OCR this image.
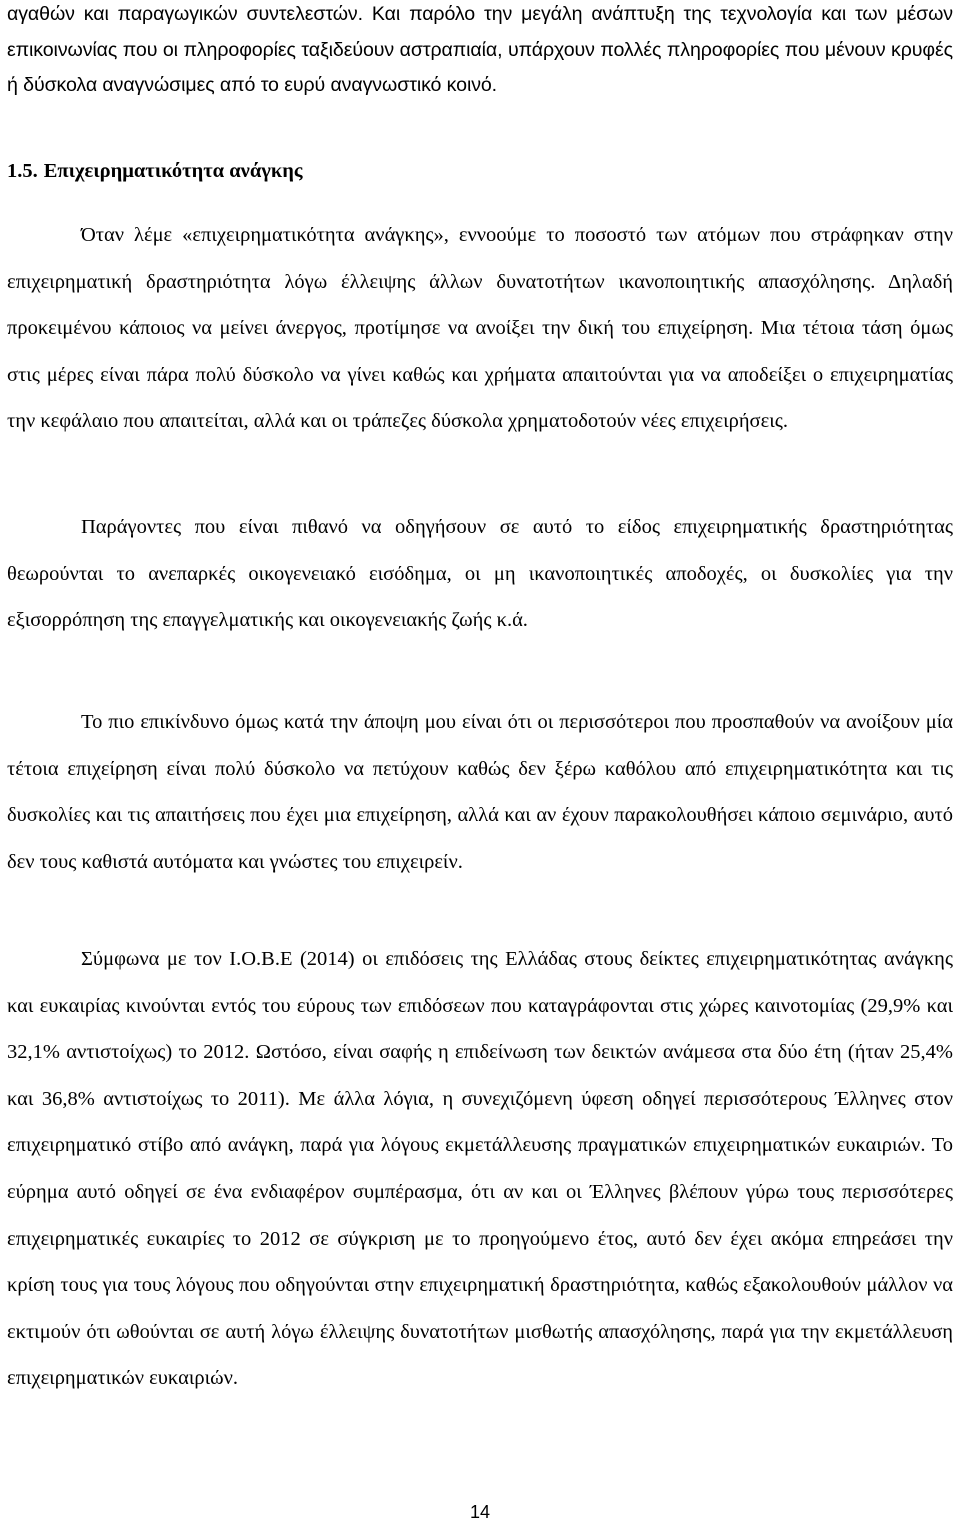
αγαθών και παραγωγικών συντελεστών. Και παρόλο την μεγάλη ανάπτυξη της τεχνολογία και των μέσων επικοινωνίας που οι πληροφορίες ταξιδεύουν αστραπιαία, υπάρχουν πολλές πληροφορίες που μένουν κρυφές ή δύσκολα αναγνώσιμες από το ευρύ αναγνωστικό κοινό.

1.5. Επιχειρηματικότητα ανάγκης

Όταν λέμε «επιχειρηματικότητα ανάγκης», εννοούμε το ποσοστό των ατόμων που στράφηκαν στην επιχειρηματική δραστηριότητα λόγω έλλειψης άλλων δυνατοτήτων ικανοποιητικής απασχόλησης. Δηλαδή προκειμένου κάποιος να μείνει άνεργος, προτίμησε να ανοίξει την δική του επιχείρηση. Μια τέτοια τάση όμως στις μέρες είναι πάρα πολύ δύσκολο να γίνει καθώς και χρήματα απαιτούνται για να αποδείξει ο επιχειρηματίας την κεφάλαιο που απαιτείται, αλλά και οι τράπεζες δύσκολα χρηματοδοτούν νέες επιχειρήσεις.

Παράγοντες που είναι πιθανό να οδηγήσουν σε αυτό το είδος επιχειρηματικής δραστηριότητας θεωρούνται το ανεπαρκές οικογενειακό εισόδημα, οι μη ικανοποιητικές αποδοχές, οι δυσκολίες για την εξισορρόπηση της επαγγελματικής και οικογενειακής ζωής κ.ά.

Το πιο επικίνδυνο όμως κατά την άποψη μου είναι ότι οι περισσότεροι που προσπαθούν να ανοίξουν μία τέτοια επιχείρηση είναι πολύ δύσκολο να πετύχουν καθώς δεν ξέρω καθόλου από επιχειρηματικότητα και τις δυσκολίες και τις απαιτήσεις που έχει μια επιχείρηση, αλλά και αν έχουν παρακολουθήσει κάποιο σεμινάριο, αυτό δεν τους καθιστά αυτόματα και γνώστες του επιχειρείν.

Σύμφωνα με τον Ι.Ο.Β.Ε (2014) οι επιδόσεις της Ελλάδας στους δείκτες επιχειρηματικότητας ανάγκης και ευκαιρίας κινούνται εντός του εύρους των επιδόσεων που καταγράφονται στις χώρες καινοτομίας (29,9% και 32,1% αντιστοίχως) το 2012. Ωστόσο, είναι σαφής η επιδείνωση των δεικτών ανάμεσα στα δύο έτη (ήταν 25,4% και 36,8% αντιστοίχως το 2011). Με άλλα λόγια, η συνεχιζόμενη ύφεση οδηγεί περισσότερους Έλληνες στον επιχειρηματικό στίβο από ανάγκη, παρά για λόγους εκμετάλλευσης πραγματικών επιχειρηματικών ευκαιριών. Το εύρημα αυτό οδηγεί σε ένα ενδιαφέρον συμπέρασμα, ότι αν και οι Έλληνες βλέπουν γύρω τους περισσότερες επιχειρηματικές ευκαιρίες το 2012 σε σύγκριση με το προηγούμενο έτος, αυτό δεν έχει ακόμα επηρεάσει την κρίση τους για τους λόγους που οδηγούνται στην επιχειρηματική δραστηριότητα, καθώς εξακολουθούν μάλλον να εκτιμούν ότι ωθούνται σε αυτή λόγω έλλειψης δυνατοτήτων μισθωτής απασχόλησης, παρά για την εκμετάλλευση επιχειρηματικών ευκαιριών.

14
